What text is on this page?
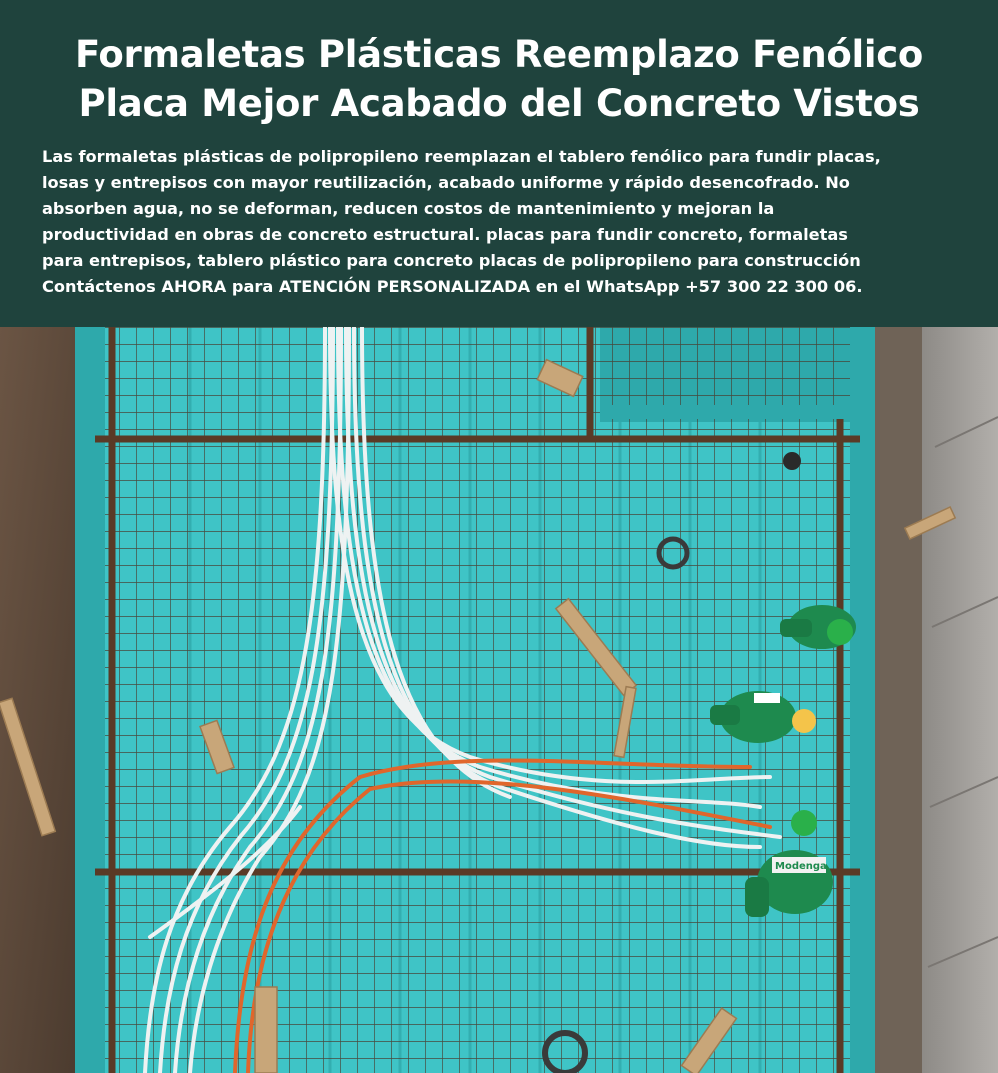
Formaletas Plásticas Reemplazo Fenólico
Placa Mejor Acabado del Concreto Vistos
Las formaletas plásticas de polipropileno reemplazan el tablero fenólico para fundir placas,
losas y entrepisos con mayor reutilización, acabado uniforme y rápido desencofrado. No
absorben agua, no se deforman, reducen costos de mantenimiento y mejoran la
productividad en obras de concreto estructural. placas para fundir concreto, formaletas
para entrepisos, tablero plástico para concreto placas de polipropileno para construcción
Contáctenos AHORA para ATENCIÓN PERSONALIZADA en el WhatsApp +57 300 22 300 06.
Modenga
